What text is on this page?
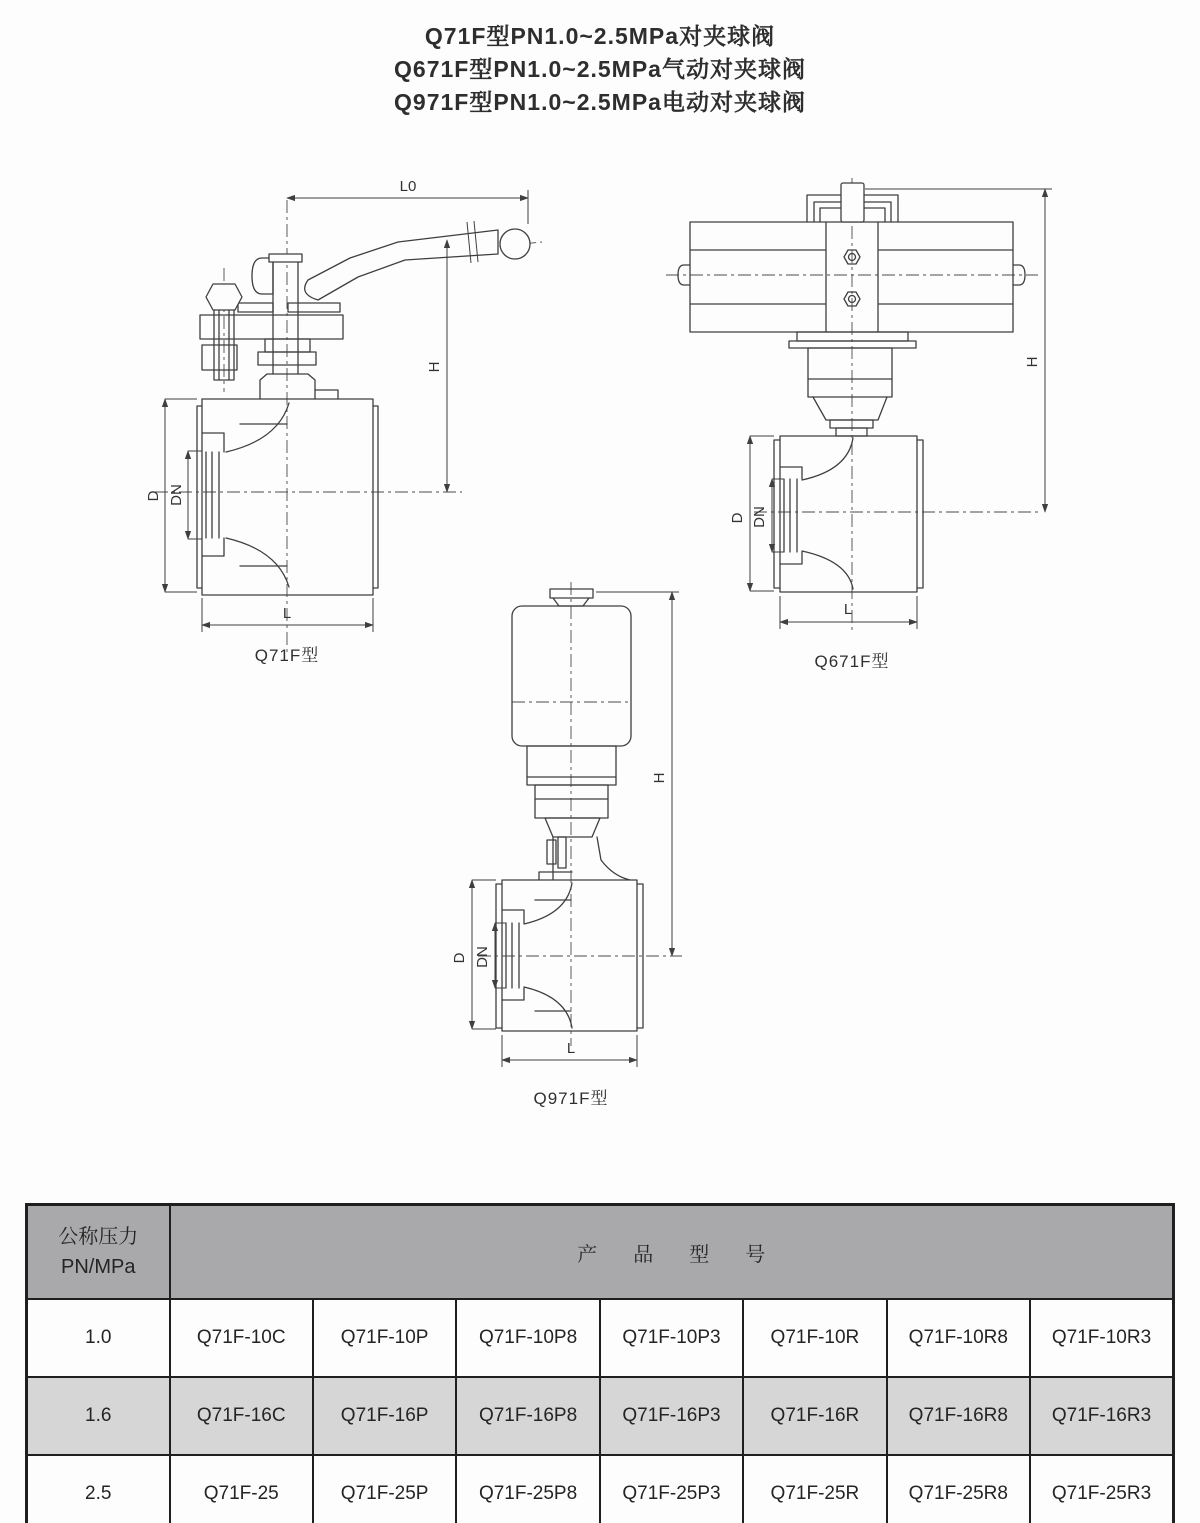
Q71F型PN1.0~2.5MPa对夹球阀
Q671F型PN1.0~2.5MPa气动对夹球阀
Q971F型PN1.0~2.5MPa电动对夹球阀
L0
H
D DN
L
Q71F型
H
D DN
L
Q671F型
H
D DN
L
Q971F型
公称压力
PN/MPa	产品型号						
1.0	Q71F-10C	Q71F-10P	Q71F-10P8	Q71F-10P3	Q71F-10R	Q71F-10R8	Q71F-10R3
1.6	Q71F-16C	Q71F-16P	Q71F-16P8	Q71F-16P3	Q71F-16R	Q71F-16R8	Q71F-16R3
2.5	Q71F-25	Q71F-25P	Q71F-25P8	Q71F-25P3	Q71F-25R	Q71F-25R8	Q71F-25R3
